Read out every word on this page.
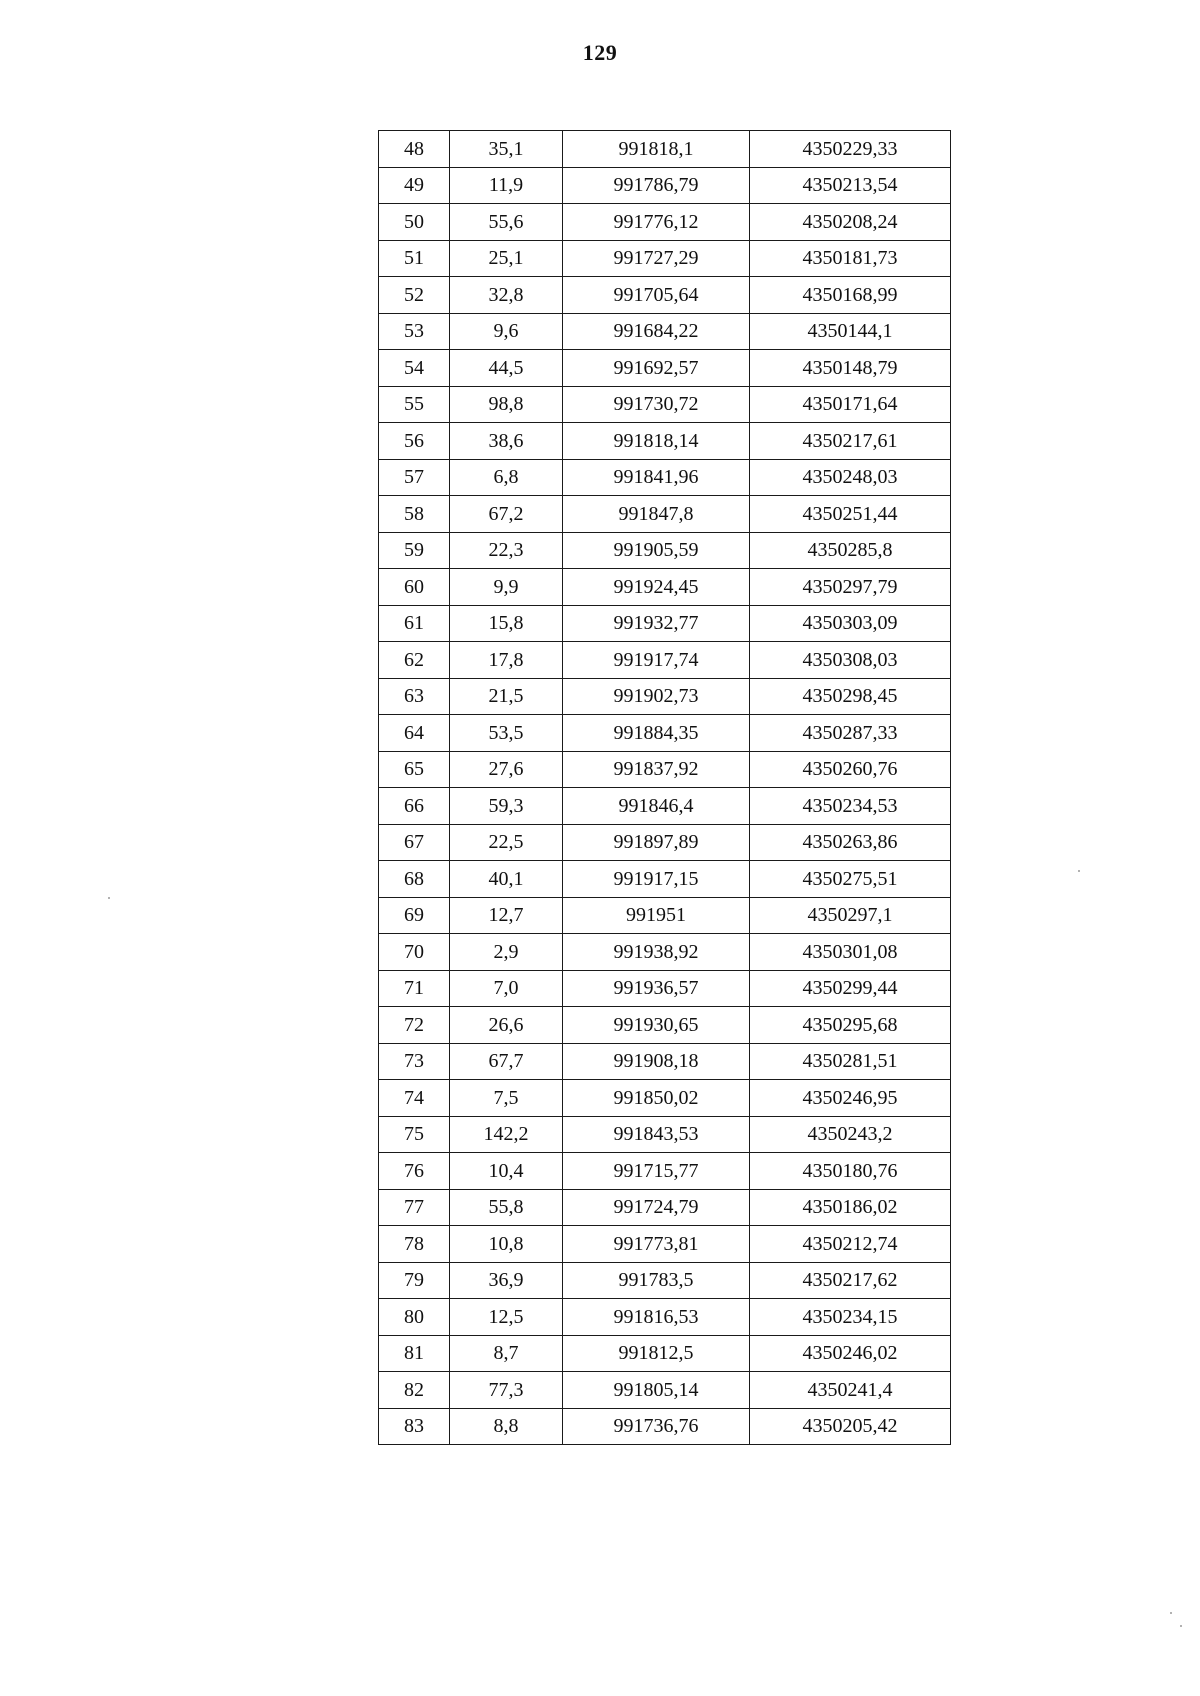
129
48	35,1	991818,1	4350229,33
49	11,9	991786,79	4350213,54
50	55,6	991776,12	4350208,24
51	25,1	991727,29	4350181,73
52	32,8	991705,64	4350168,99
53	9,6	991684,22	4350144,1
54	44,5	991692,57	4350148,79
55	98,8	991730,72	4350171,64
56	38,6	991818,14	4350217,61
57	6,8	991841,96	4350248,03
58	67,2	991847,8	4350251,44
59	22,3	991905,59	4350285,8
60	9,9	991924,45	4350297,79
61	15,8	991932,77	4350303,09
62	17,8	991917,74	4350308,03
63	21,5	991902,73	4350298,45
64	53,5	991884,35	4350287,33
65	27,6	991837,92	4350260,76
66	59,3	991846,4	4350234,53
67	22,5	991897,89	4350263,86
68	40,1	991917,15	4350275,51
69	12,7	991951	4350297,1
70	2,9	991938,92	4350301,08
71	7,0	991936,57	4350299,44
72	26,6	991930,65	4350295,68
73	67,7	991908,18	4350281,51
74	7,5	991850,02	4350246,95
75	142,2	991843,53	4350243,2
76	10,4	991715,77	4350180,76
77	55,8	991724,79	4350186,02
78	10,8	991773,81	4350212,74
79	36,9	991783,5	4350217,62
80	12,5	991816,53	4350234,15
81	8,7	991812,5	4350246,02
82	77,3	991805,14	4350241,4
83	8,8	991736,76	4350205,42
